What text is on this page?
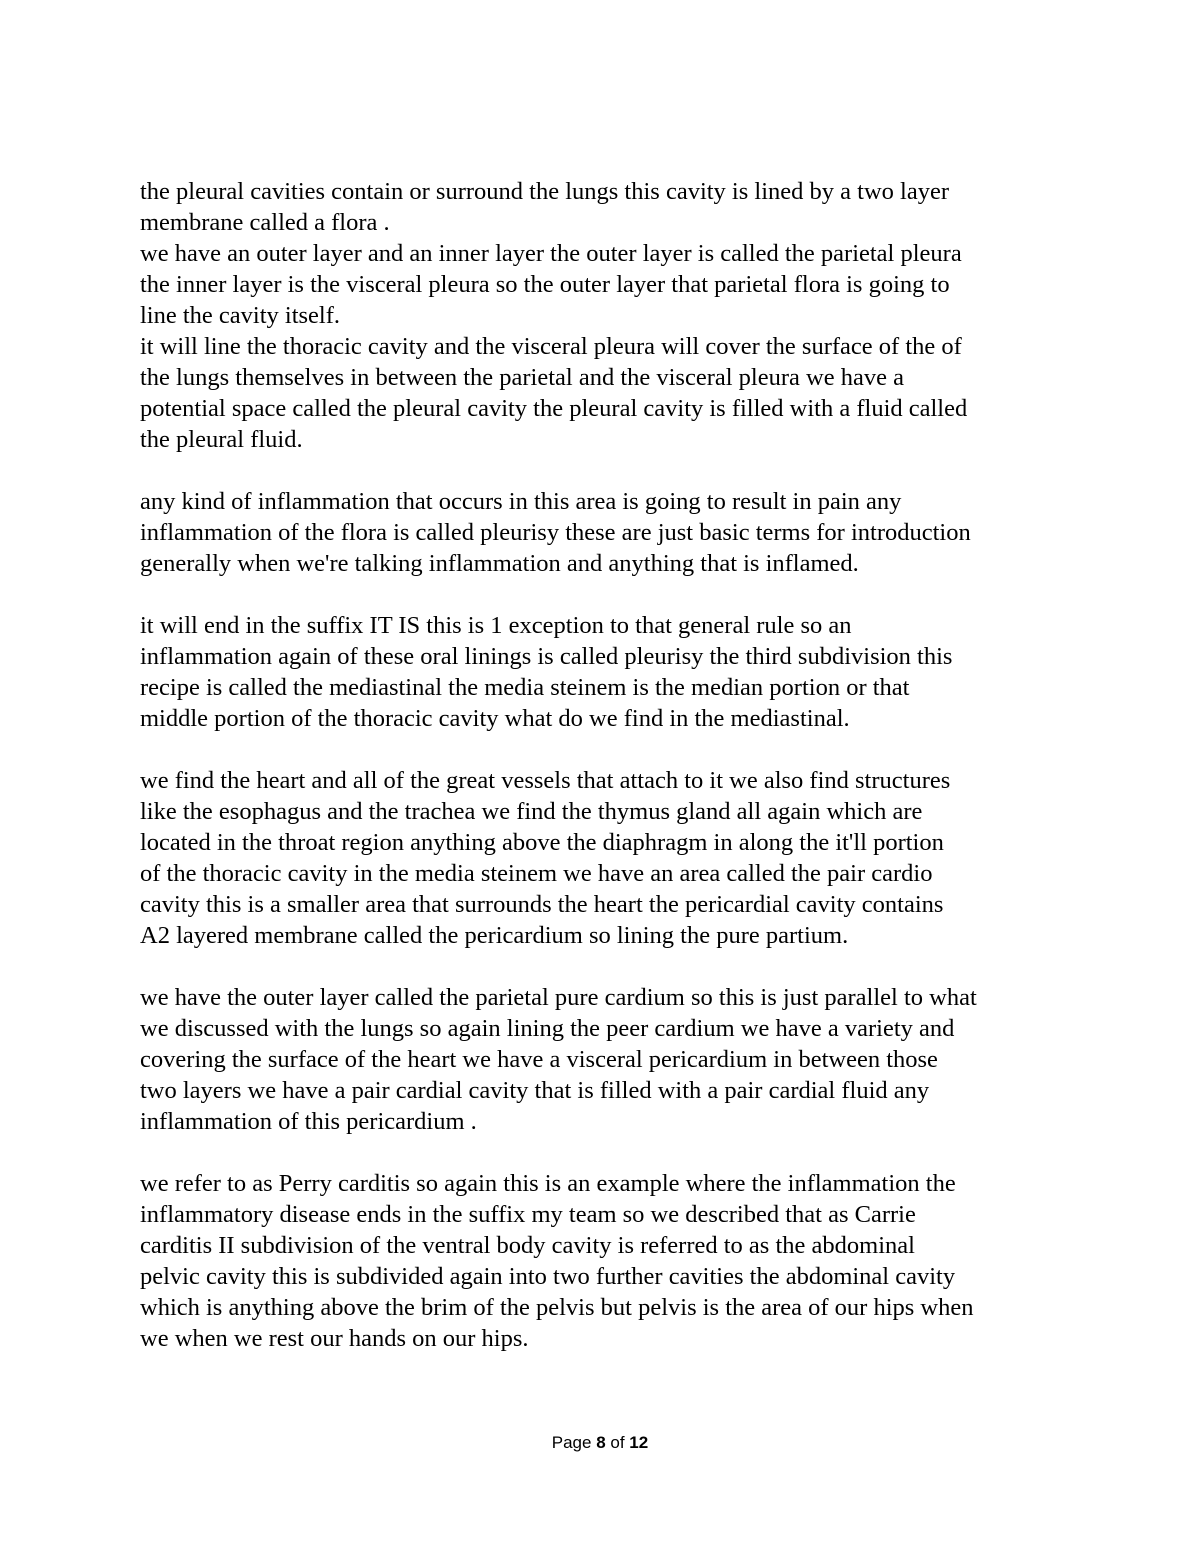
the pleural cavities contain or surround the lungs this cavity is lined by a two layer
membrane called a flora .
we have an outer layer and an inner layer the outer layer is called the parietal pleura
the inner layer is the visceral pleura so the outer layer that parietal flora is going to
line the cavity itself.
it will line the thoracic cavity and the visceral pleura will cover the surface of the of
the lungs themselves in between the parietal and the visceral pleura we have a
potential space called the pleural cavity the pleural cavity is filled with a fluid called
the pleural fluid.
any kind of inflammation that occurs in this area is going to result in pain any
inflammation of the flora is called pleurisy these are just basic terms for introduction
generally when we're talking inflammation and anything that is inflamed.
it will end in the suffix IT IS this is 1 exception to that general rule so an
inflammation again of these oral linings is called pleurisy the third subdivision this
recipe is called the mediastinal the media steinem is the median portion or that
middle portion of the thoracic cavity what do we find in the mediastinal.
we find the heart and all of the great vessels that attach to it we also find structures
like the esophagus and the trachea we find the thymus gland all again which are
located in the throat region anything above the diaphragm in along the it'll portion
of the thoracic cavity in the media steinem we have an area called the pair cardio
cavity this is a smaller area that surrounds the heart the pericardial cavity contains
A2 layered membrane called the pericardium so lining the pure partium.
we have the outer layer called the parietal pure cardium so this is just parallel to what
we discussed with the lungs so again lining the peer cardium we have a variety and
covering the surface of the heart we have a visceral pericardium in between those
two layers we have a pair cardial cavity that is filled with a pair cardial fluid any
inflammation of this pericardium .
we refer to as Perry carditis so again this is an example where the inflammation the
inflammatory disease ends in the suffix my team so we described that as Carrie
carditis II subdivision of the ventral body cavity is referred to as the abdominal
pelvic cavity this is subdivided again into two further cavities the abdominal cavity
which is anything above the brim of the pelvis but pelvis is the area of our hips when
we when we rest our hands on our hips.
Page 8 of 12
